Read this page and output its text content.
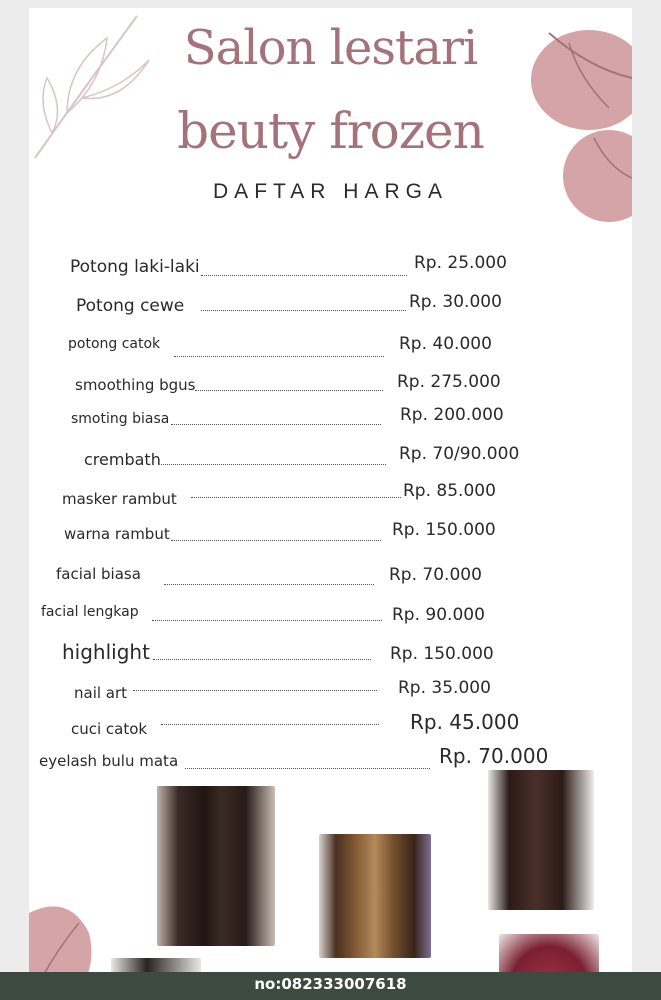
Salon lestari
beuty frozen
DAFTAR HARGA
Potong laki-laki	Rp. 25.000
Potong cewe	Rp. 30.000
potong catok	Rp. 40.000
smoothing bgus	Rp. 275.000
smoting biasa	Rp. 200.000
crembath	Rp. 70/90.000
masker rambut	Rp. 85.000
warna rambut	Rp. 150.000
facial biasa	Rp. 70.000
facial lengkap	Rp. 90.000
highlight	Rp. 150.000
nail art	Rp. 35.000
cuci catok	Rp. 45.000
eyelash bulu mata	Rp. 70.000
no:082333007618
